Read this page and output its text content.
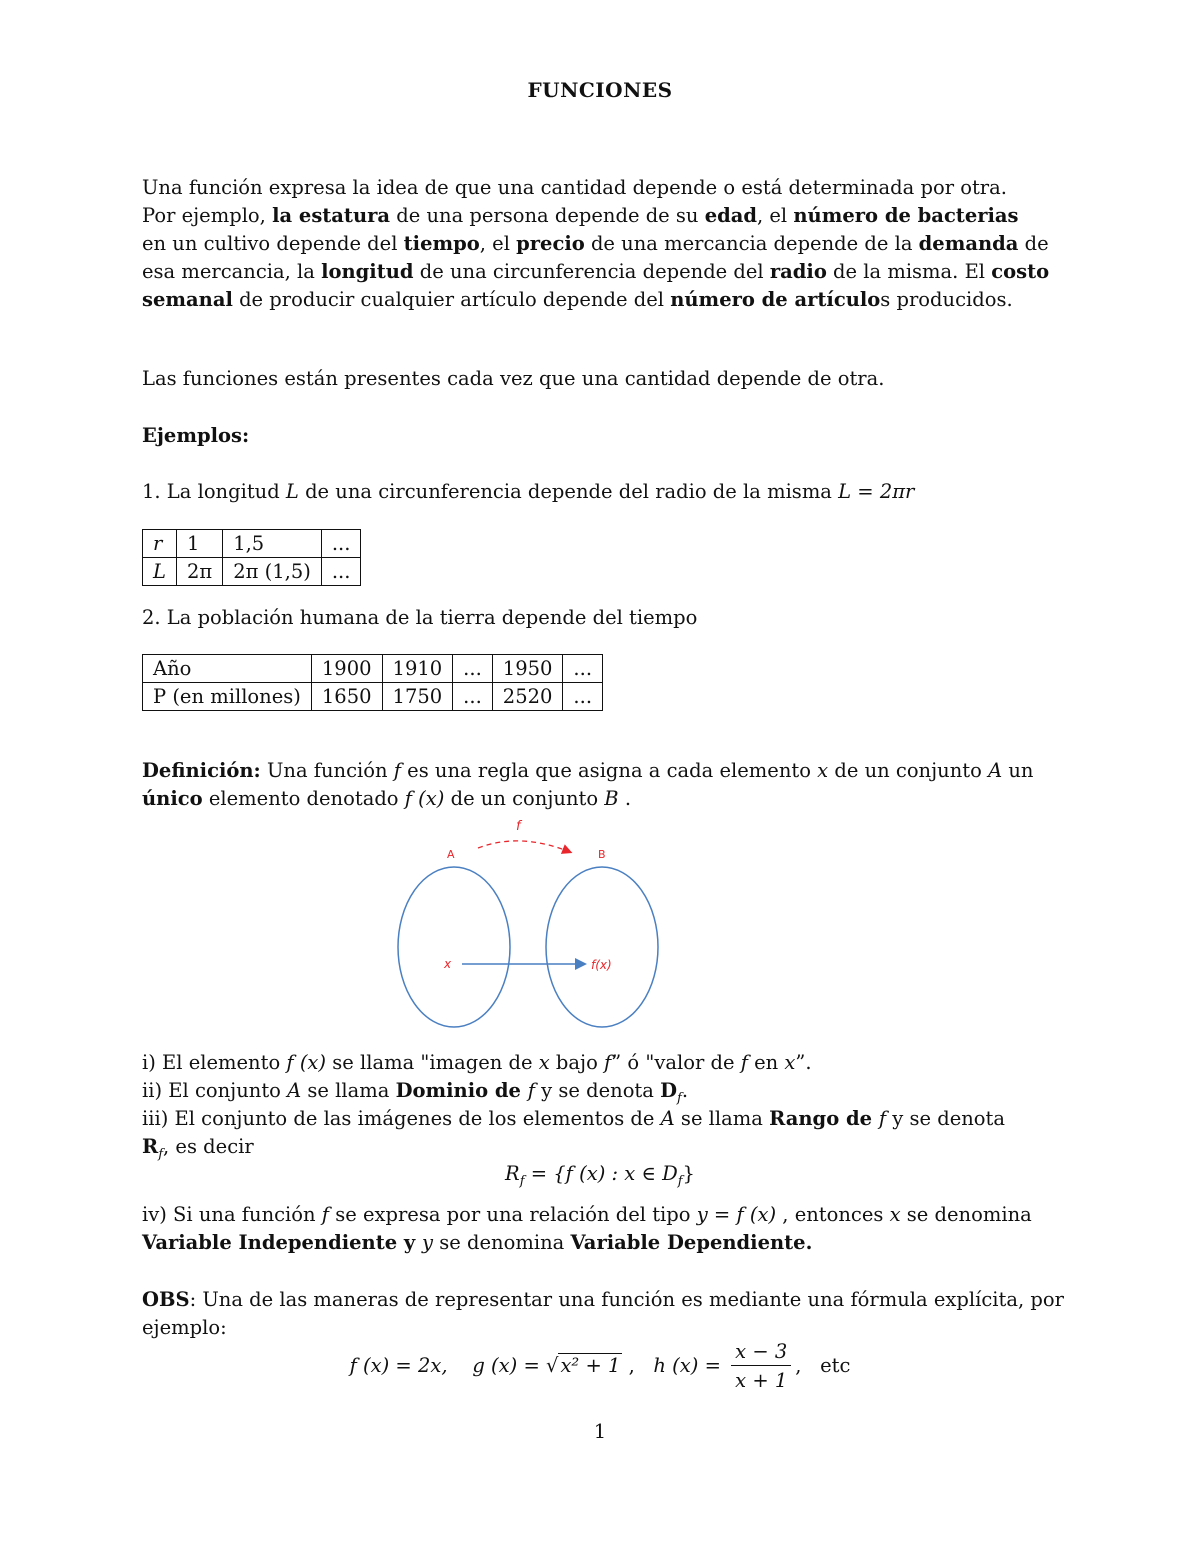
FUNCIONES
Una función expresa la idea de que una cantidad depende o está determinada por otra.
Por ejemplo, la estatura de una persona depende de su edad, el número de bacterias
en un cultivo depende del tiempo, el precio de una mercancia depende de la demanda de
esa mercancia, la longitud de una circunferencia depende del radio de la misma. El costo
semanal de producir cualquier artículo depende del número de artículos producidos.
Las funciones están presentes cada vez que una cantidad depende de otra.
Ejemplos:
1. La longitud L de una circunferencia depende del radio de la misma L = 2πr
r	1	1,5	...
L	2π	2π (1,5)	...
2. La población humana de la tierra depende del tiempo
Año	1900	1910	...	1950	...
P (en millones)	1650	1750	...	2520	...
Definición: Una función f es una regla que asigna a cada elemento x de un conjunto A un
único elemento denotado f (x) de un conjunto B .
f
A	B
x	f(x)
i) El elemento f (x) se llama "imagen de x bajo f” ó "valor de f en x”.
ii) El conjunto A se llama Dominio de f y se denota $D_f$.
iii) El conjunto de las imágenes de los elementos de A se llama Rango de f y se denota
$R_f$, es decir
$R_f = \{f$ (x) : x ∈ $D_f$}
iv) Si una función f se expresa por una relación del tipo y = f (x) , entonces x se denomina
Variable Independiente y y se denomina Variable Dependiente.
OBS: Una de las maneras de representar una función es mediante una fórmula explícita, por
ejemplo:
f (x) = 2x, g (x) = √ x² + 1 , h $(x) = \frac{x - 3}{x + 1}$ , etc
1
